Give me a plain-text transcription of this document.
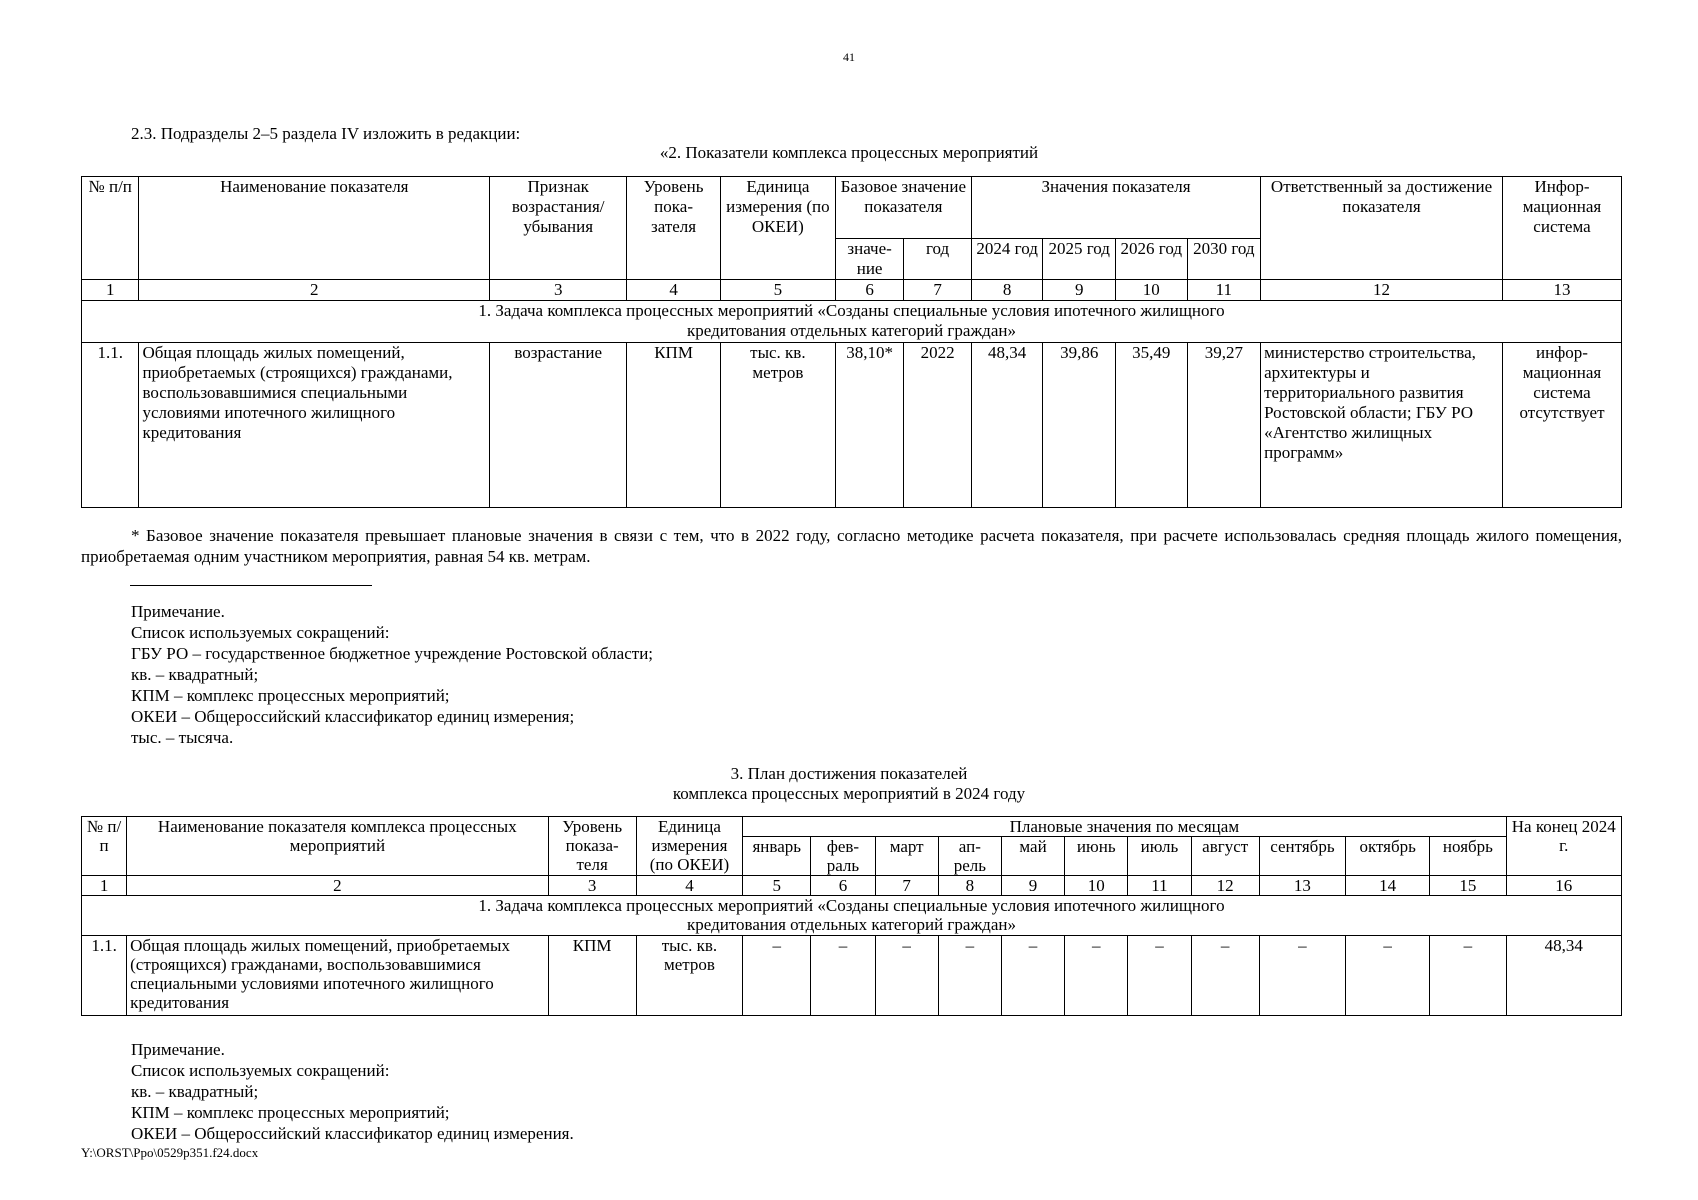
41
2.3. Подразделы 2–5 раздела IV изложить в редакции:
«2. Показатели комплекса процессных мероприятий
№ п/п	Наименование показателя	Признак возрастания/ убывания	Уровень пока- зателя	Единица измерения (по ОКЕИ)	Базовое значение показателя		Значения показателя				Ответственный за достижение показателя	Инфор- мационная система
					значе- ние	год	2024 год	2025 год	2026 год	2030 год		
1	2	3	4	5	6	7	8	9	10	11	12	13
1. Задача комплекса процессных мероприятий «Созданы специальные условия ипотечного жилищного кредитования отдельных категорий граждан»												
1.1.	Общая площадь жилых помещений, приобретаемых (строящихся) гражданами, воспользовавшимися специальными условиями ипотечного жилищного кредитования	возрастание	КПМ	тыс. кв. метров	38,10*	2022	48,34	39,86	35,49	39,27	министерство строительства, архитектуры и территориального развития Ростовской области; ГБУ РО «Агентство жилищных программ»	инфор- мационная система отсутствует
* Базовое значение показателя превышает плановые значения в связи с тем, что в 2022 году, согласно методике расчета показателя, при расчете использовалась средняя площадь жилого помещения, приобретаемая одним участником мероприятия, равная 54 кв. метрам.
Примечание.
Список используемых сокращений:
ГБУ РО – государственное бюджетное учреждение Ростовской области;
кв. – квадратный;
КПМ – комплекс процессных мероприятий;
ОКЕИ – Общероссийский классификатор единиц измерения;
тыс. – тысяча.
3. План достижения показателей
комплекса процессных мероприятий в 2024 году
№ п/п	Наименование показателя комплекса процессных мероприятий	Уровень показа- теля	Единица измерения (по ОКЕИ)	Плановые значения по месяцам											На конец 2024 г.
				январь	фев- раль	март	ап- рель	май	июнь	июль	август	сентябрь	октябрь	ноябрь	
1	2	3	4	5	6	7	8	9	10	11	12	13	14	15	16
1. Задача комплекса процессных мероприятий «Созданы специальные условия ипотечного жилищного кредитования отдельных категорий граждан»															
1.1.	Общая площадь жилых помещений, приобретаемых (строящихся) гражданами, воспользовавшимися специальными условиями ипотечного жилищного кредитования	КПМ	тыс. кв. метров	–	–	–	–	–	–	–	–	–	–	–	48,34
Примечание.
Список используемых сокращений:
кв. – квадратный;
КПМ – комплекс процессных мероприятий;
ОКЕИ – Общероссийский классификатор единиц измерения.
Y:\ORST\Ppo\0529p351.f24.docx
